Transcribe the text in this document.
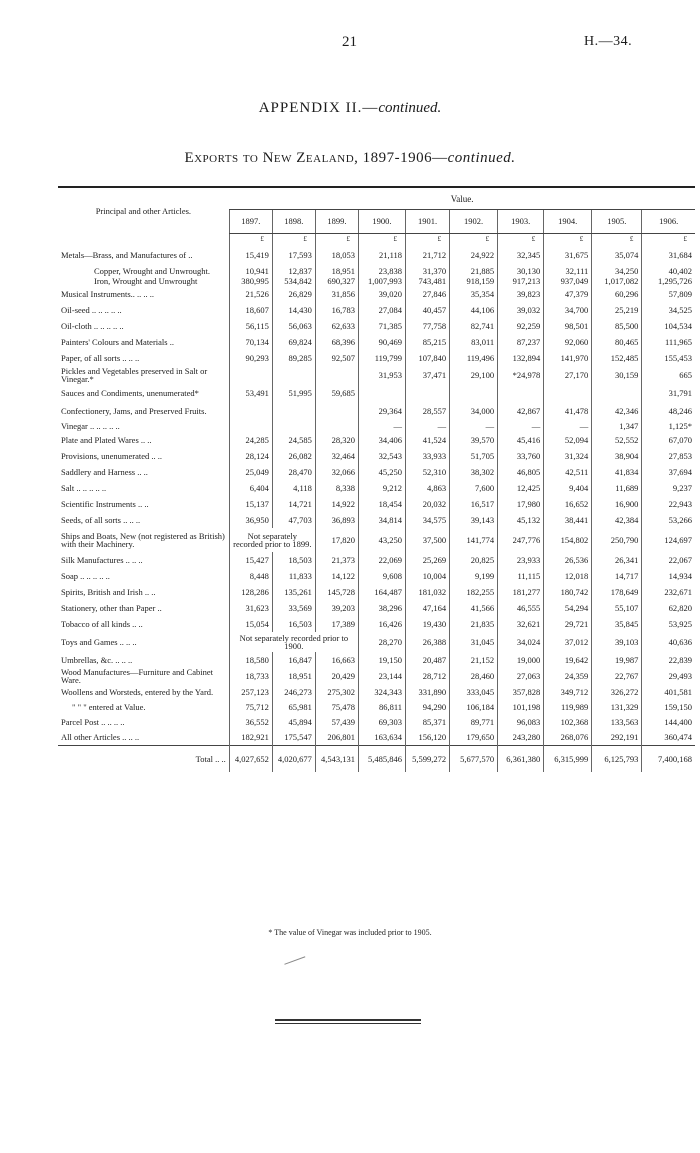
21	H.—34.
APPENDIX II.—continued.
Exports to New Zealand, 1897-1906—continued.
Principal and other Articles.	Value.									
	1897.	1898.	1899.	1900.	1901.	1902.	1903.	1904.	1905.	1906.
	£	£	£	£	£	£	£	£	£	£
Metals—Brass, and Manufactures of ..	15,419	17,593	18,053	21,118	21,712	24,922	32,345	31,675	35,074	31,684
Copper, Wrought and Unwrought.	10,941	12,837	18,951	23,838	31,370	21,885	30,130	32,111	34,250	40,402
Iron, Wrought and Unwrought	380,995	534,842	690,327	1,007,993	743,481	918,159	917,213	937,049	1,017,082	1,295,726
Musical Instruments.. .. .. ..	21,526	26,829	31,856	39,020	27,846	35,354	39,823	47,379	60,296	57,809
Oil-seed .. .. .. .. ..	18,607	14,430	16,783	27,084	40,457	44,106	39,032	34,700	25,219	34,525
Oil-cloth .. .. .. .. ..	56,115	56,063	62,633	71,385	77,758	82,741	92,259	98,501	85,500	104,534
Painters' Colours and Materials ..	70,134	69,824	68,396	90,469	85,215	83,011	87,237	92,060	80,465	111,965
Paper, of all sorts .. .. ..	90,293	89,285	92,507	119,799	107,840	119,496	132,894	141,970	152,485	155,453
Pickles and Vegetables preserved in Salt or Vinegar.*				31,953	37,471	29,100	*24,978	27,170	30,159	665
Sauces and Condiments, unenumerated*	53,491	51,995	59,685							31,791
Confectionery, Jams, and Preserved Fruits.				29,364	28,557	34,000	42,867	41,478	42,346	48,246
Vinegar .. .. .. .. ..				—	—	—	—	—	1,347	1,125*
Plate and Plated Wares .. ..	24,285	24,585	28,320	34,406	41,524	39,570	45,416	52,094	52,552	67,070
Provisions, unenumerated .. ..	28,124	26,082	32,464	32,543	33,933	51,705	33,760	31,324	38,904	27,853
Saddlery and Harness .. ..	25,049	28,470	32,066	45,250	52,310	38,302	46,805	42,511	41,834	37,694
Salt .. .. .. .. ..	6,404	4,118	8,338	9,212	4,863	7,600	12,425	9,404	11,689	9,237
Scientific Instruments .. ..	15,137	14,721	14,922	18,454	20,032	16,517	17,980	16,652	16,900	22,943
Seeds, of all sorts .. .. ..	36,950	47,703	36,893	34,814	34,575	39,143	45,132	38,441	42,384	53,266
Ships and Boats, New (not registered as British) with their Machinery.	Not separately recorded prior to 1899.		17,820	43,250	37,500	141,774	247,776	154,802	250,790	124,697
Silk Manufactures .. .. ..	15,427	18,503	21,373	22,069	25,269	20,825	23,933	26,536	26,341	22,067
Soap .. .. .. .. ..	8,448	11,833	14,122	9,608	10,004	9,199	11,115	12,018	14,717	14,934
Spirits, British and Irish .. ..	128,286	135,261	145,728	164,487	181,032	182,255	181,277	180,742	178,649	232,671
Stationery, other than Paper ..	31,623	33,569	39,203	38,296	47,164	41,566	46,555	54,294	55,107	62,820
Tobacco of all kinds .. ..	15,054	16,503	17,389	16,426	19,430	21,835	32,621	29,721	35,845	53,925
Toys and Games .. .. ..	Not separately recorded prior to 1900.			28,270	26,388	31,045	34,024	37,012	39,103	40,636
Umbrellas, &c. .. .. ..	18,580	16,847	16,663	19,150	20,487	21,152	19,000	19,642	19,987	22,839
Wood Manufactures—Furniture and Cabinet Ware.	18,733	18,951	20,429	23,144	28,712	28,460	27,063	24,359	22,767	29,493
Woollens and Worsteds, entered by the Yard.	257,123	246,273	275,302	324,343	331,890	333,045	357,828	349,712	326,272	401,581
" " " entered at Value.	75,712	65,981	75,478	86,811	94,290	106,184	101,198	119,989	131,329	159,150
Parcel Post .. .. .. ..	36,552	45,894	57,439	69,303	85,371	89,771	96,083	102,368	133,563	144,400
All other Articles .. .. ..	182,921	175,547	206,801	163,634	156,120	179,650	243,280	268,076	292,191	360,474
Total .. ..	4,027,652	4,020,677	4,543,131	5,485,846	5,599,272	5,677,570	6,361,380	6,315,999	6,125,793	7,400,168
* The value of Vinegar was included prior to 1905.
